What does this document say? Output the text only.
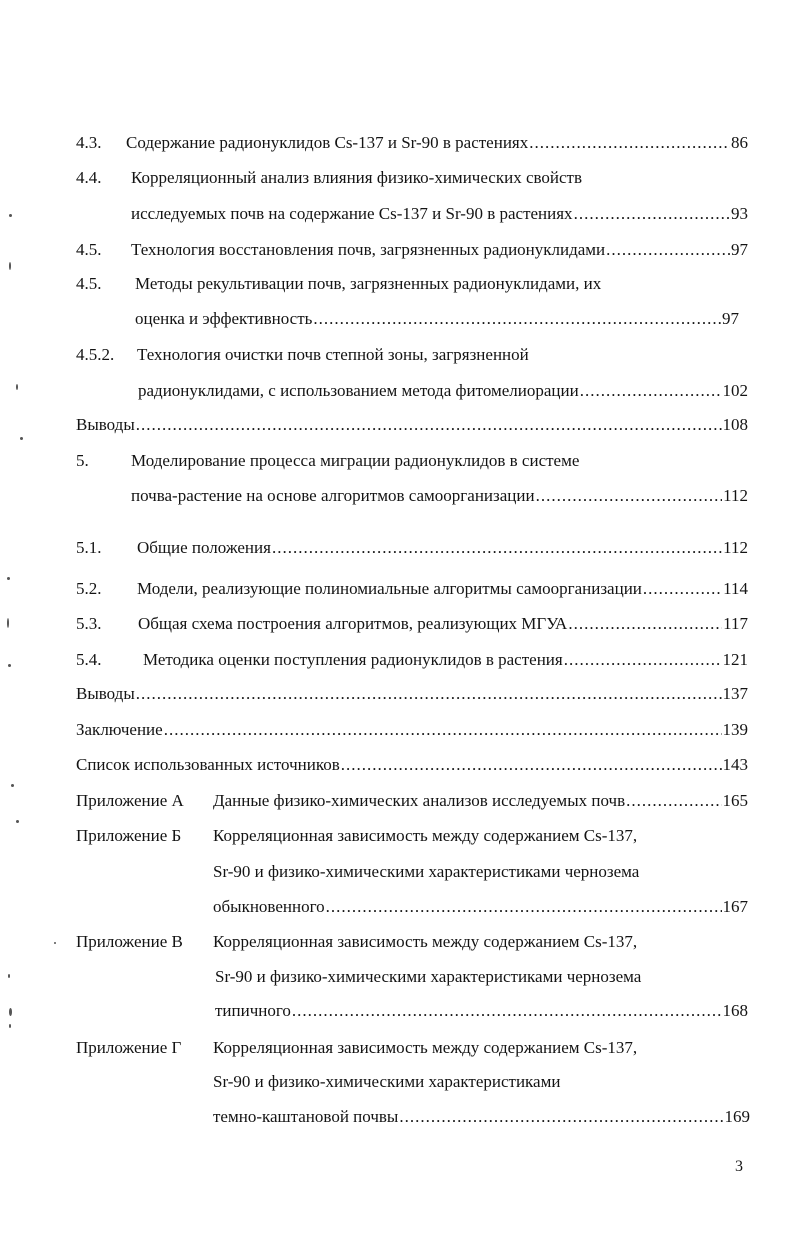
4.3.	Содержание радионуклидов Cs-137 и Sr-90 в растениях .....	86
4.4. Корреляционный анализ влияния физико-химических свойств
исследуемых почв на содержание Cs-137 и Sr-90 в растениях .....	93
4.5.	Технология восстановления почв, загрязненных радионуклидами .....	97
4.5. Методы рекультивации почв, загрязненных радионуклидами, их
оценка и эффективность .....	97
4.5.2. Технология очистки почв степной зоны, загрязненной
радионуклидами, с использованием метода фитомелиорации .....	102
Выводы .....	108
5. Моделирование процесса миграции радионуклидов в системе
почва-растение на основе алгоритмов самоорганизации .....	112
5.1.	Общие положения .....	112
5.2.	Модели, реализующие полиномиальные алгоритмы самоорганизации .....	114
5.3.	Общая схема построения алгоритмов, реализующих МГУА .....	117
5.4.	Методика оценки поступления радионуклидов в растения .....	121
Выводы .....	137
Заключение .....	139
Список использованных источников .....	143
Приложение А	Данные физико-химических анализов исследуемых почв .....	165
Приложение Б Корреляционная зависимость между содержанием Cs-137,
Sr-90 и физико-химическими характеристиками чернозема
обыкновенного .....	167
Приложение В Корреляционная зависимость между содержанием Cs-137,
Sr-90 и физико-химическими характеристиками чернозема
типичного .....	168
Приложение Г Корреляционная зависимость между содержанием Cs-137,
Sr-90 и физико-химическими характеристиками
темно-каштановой почвы .....	169
3
